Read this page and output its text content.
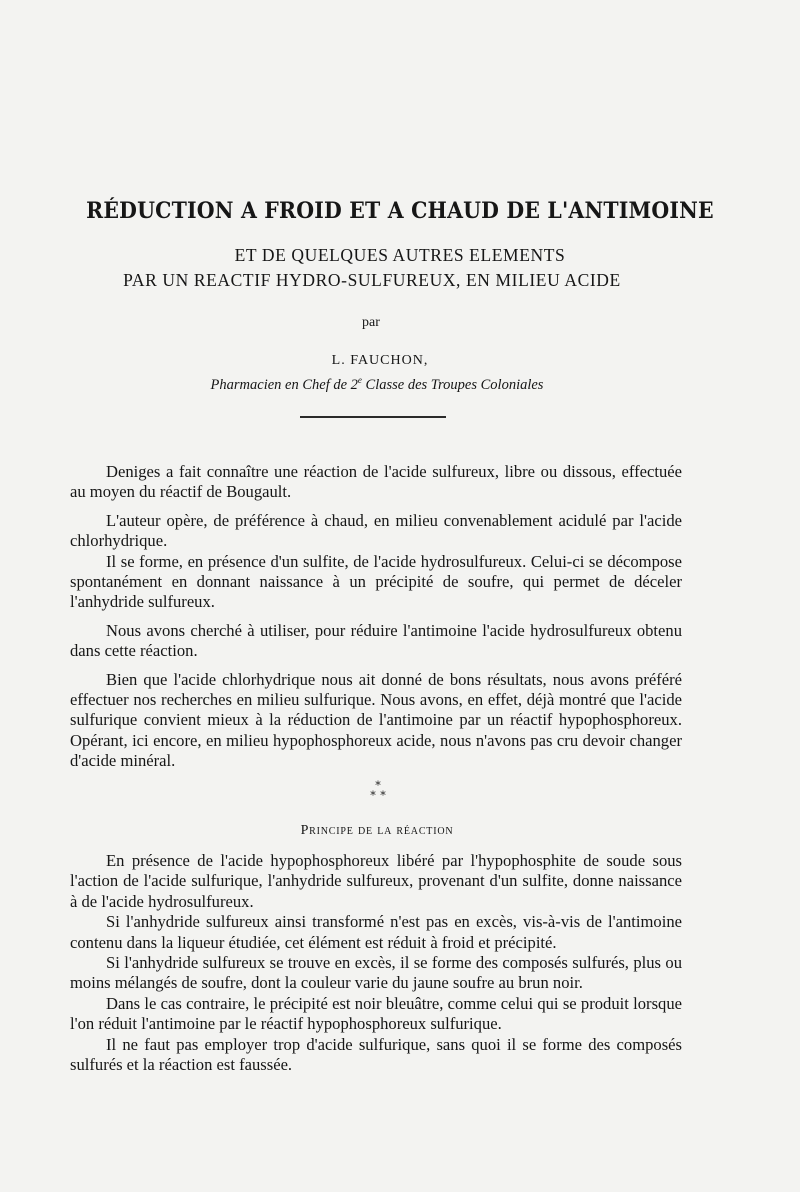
RÉDUCTION A FROID ET A CHAUD DE L'ANTIMOINE
ET DE QUELQUES AUTRES ELEMENTS
PAR UN REACTIF HYDRO-SULFUREUX, EN MILIEU ACIDE
par
L. FAUCHON,
Pharmacien en Chef de 2e Classe des Troupes Coloniales

Deniges a fait connaître une réaction de l'acide sulfureux, libre ou dissous, effectuée au moyen du réactif de Bougault.

L'auteur opère, de préférence à chaud, en milieu convenablement acidulé par l'acide chlorhydrique.

Il se forme, en présence d'un sulfite, de l'acide hydrosulfureux. Celui-ci se décompose spontanément en donnant naissance à un précipité de soufre, qui permet de déceler l'anhydride sulfureux.

Nous avons cherché à utiliser, pour réduire l'antimoine l'acide hydrosulfureux obtenu dans cette réaction.

Bien que l'acide chlorhydrique nous ait donné de bons résultats, nous avons préféré effectuer nos recherches en milieu sulfurique. Nous avons, en effet, déjà montré que l'acide sulfurique convient mieux à la réduction de l'antimoine par un réactif hypophosphoreux. Opérant, ici encore, en milieu hypophosphoreux acide, nous n'avons pas cru devoir changer d'acide minéral.

*
* *
Principe de la réaction

En présence de l'acide hypophosphoreux libéré par l'hypophosphite de soude sous l'action de l'acide sulfurique, l'anhydride sulfureux, provenant d'un sulfite, donne naissance à de l'acide hydrosulfureux.

Si l'anhydride sulfureux ainsi transformé n'est pas en excès, vis-à-vis de l'antimoine contenu dans la liqueur étudiée, cet élément est réduit à froid et précipité.

Si l'anhydride sulfureux se trouve en excès, il se forme des composés sulfurés, plus ou moins mélangés de soufre, dont la couleur varie du jaune soufre au brun noir.

Dans le cas contraire, le précipité est noir bleuâtre, comme celui qui se produit lorsque l'on réduit l'antimoine par le réactif hypophosphoreux sulfurique.

Il ne faut pas employer trop d'acide sulfurique, sans quoi il se forme des composés sulfurés et la réaction est faussée.
